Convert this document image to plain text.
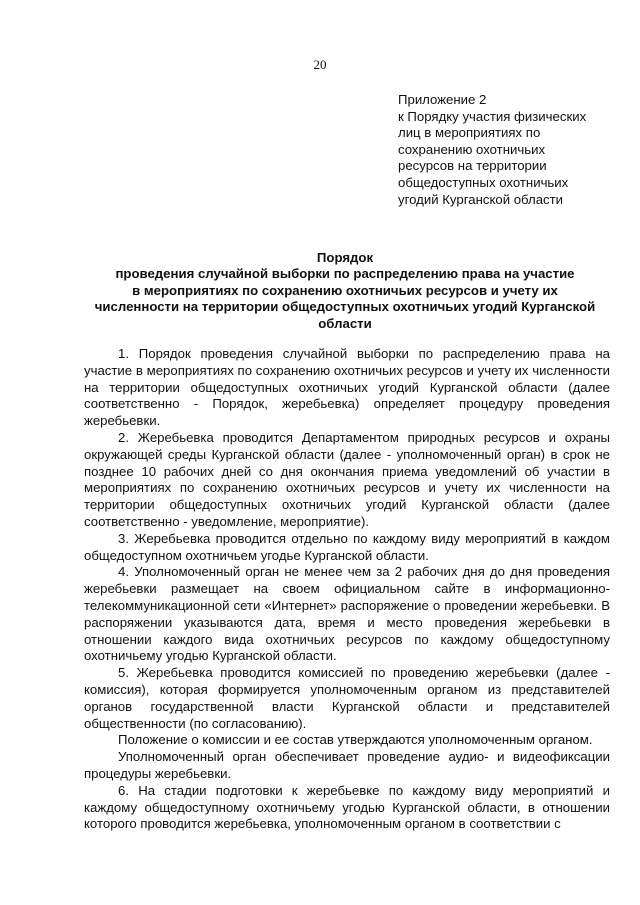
20
Приложение 2
к Порядку участия физических
лиц в мероприятиях по
сохранению охотничьих
ресурсов на территории
общедоступных охотничьих
угодий Курганской области
Порядок
проведения случайной выборки по распределению права на участие
в мероприятиях по сохранению охотничьих ресурсов и учету их
численности на территории общедоступных охотничьих угодий Курганской
области

1. Порядок проведения случайной выборки по распределению права на участие в мероприятиях по сохранению охотничьих ресурсов и учету их численности на территории общедоступных охотничьих угодий Курганской области (далее соответственно - Порядок, жеребьевка) определяет процедуру проведения жеребьевки.

2. Жеребьевка проводится Департаментом природных ресурсов и охраны окружающей среды Курганской области (далее - уполномоченный орган) в срок не позднее 10 рабочих дней со дня окончания приема уведомлений об участии в мероприятиях по сохранению охотничьих ресурсов и учету их численности на территории общедоступных охотничьих угодий Курганской области (далее соответственно - уведомление, мероприятие).

3. Жеребьевка проводится отдельно по каждому виду мероприятий в каждом общедоступном охотничьем угодье Курганской области.

4. Уполномоченный орган не менее чем за 2 рабочих дня до дня проведения жеребьевки размещает на своем официальном сайте в информационно-телекоммуникационной сети «Интернет» распоряжение о проведении жеребьевки. В распоряжении указываются дата, время и место проведения жеребьевки в отношении каждого вида охотничьих ресурсов по каждому общедоступному охотничьему угодью Курганской области.

5. Жеребьевка проводится комиссией по проведению жеребьевки (далее - комиссия), которая формируется уполномоченным органом из представителей органов государственной власти Курганской области и представителей общественности (по согласованию).

Положение о комиссии и ее состав утверждаются уполномоченным органом.

Уполномоченный орган обеспечивает проведение аудио- и видеофиксации процедуры жеребьевки.

6. На стадии подготовки к жеребьевке по каждому виду мероприятий и каждому общедоступному охотничьему угодью Курганской области, в отношении которого проводится жеребьевка, уполномоченным органом в соответствии с
